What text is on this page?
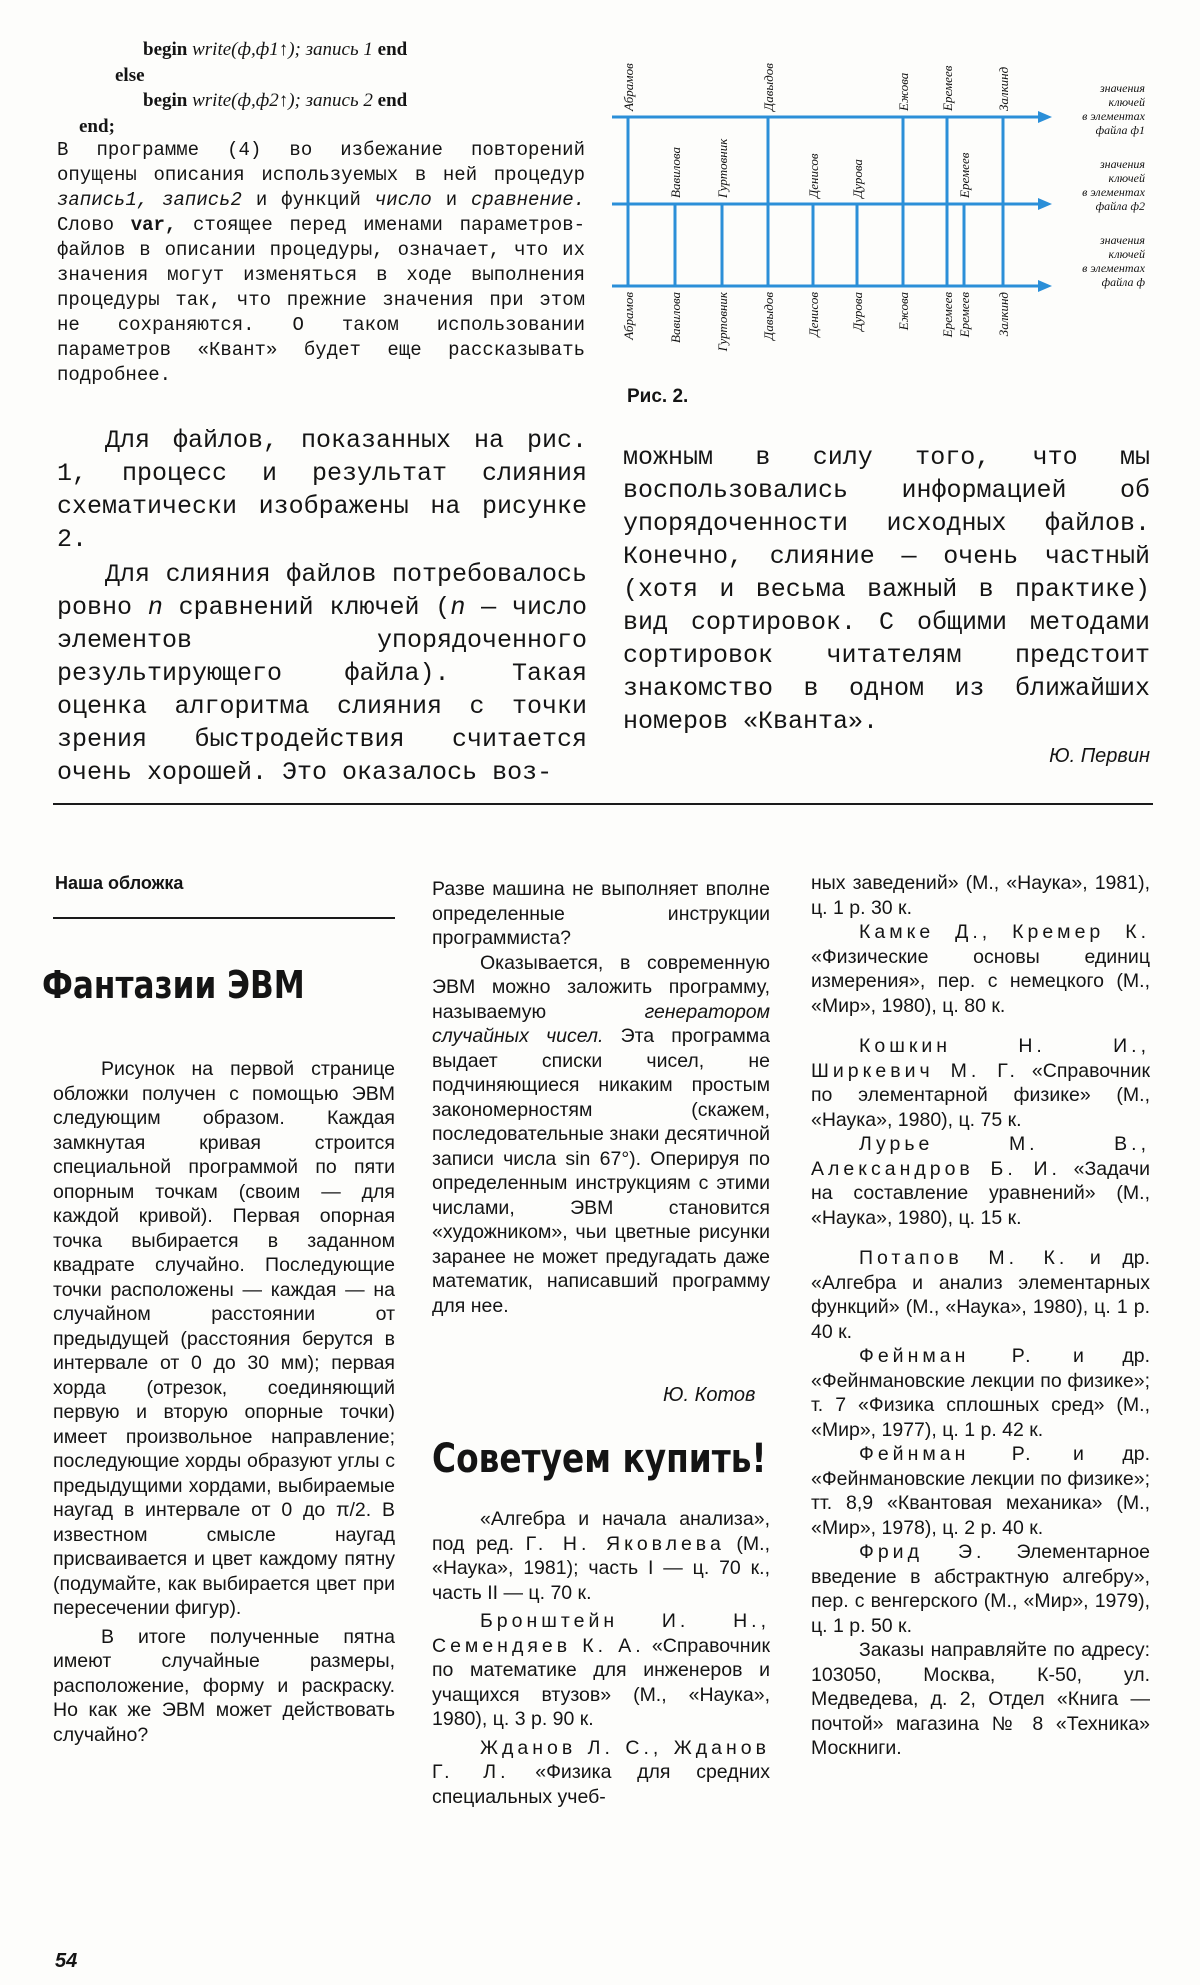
begin write(ф,ф1↑); запись 1 end
else
begin write(ф,ф2↑); запись 2 end
end;
В программе (4) во избежание повторений опущены описания используемых в ней процедур запись1, запись2 и функций число и сравнение. Слово var, стоящее перед именами параметров-файлов в описании процедуры, означает, что их значения могут изменяться в ходе выполнения процедуры так, что прежние значения при этом не сохраняются. О таком использовании параметров «Квант» будет еще рассказывать подробнее.
Для файлов, показанных на рис. 1, процесс и результат слияния схематически изображены на рисунке 2.
Для слияния файлов потребовалось ровно n сравнений ключей (n — число элементов упорядоченного результирующего файла). Такая оценка алгоритма слияния с точки зрения быстродействия считается очень хорошей. Это оказалось воз-
можным в силу того, что мы воспользовались информацией об упорядоченности исходных файлов. Конечно, слияние — очень частный (хотя и весьма важный в практике) вид сортировок. С общими методами сортировок читателям предстоит знакомство в одном из ближайших номеров «Кванта».
Ю. Первин
Абрамов	Давыдов	Ежова Еремеев	Залкинд
Вавилова Гуртовник	Денисов Дурова	Еремеев
Абрамов Вавилова Гуртовник Давыдов Денисов Дурова Ежова Еремеев Еремеев Залкинд
значения
ключей
в элементах
файла ф1
значения
ключей
в элементах
файла ф2
значения
ключей
в элементах
файла ф
Рис. 2.
Наша обложка
Фантазии ЭВМ

Рисунок на первой странице обложки получен с помощью ЭВМ следующим образом. Каждая замкнутая кривая строится специальной программой по пяти опорным точкам (своим — для каждой кривой). Первая опорная точка выбирается в заданном квадрате случайно. Последующие точки расположены — каждая — на случайном расстоянии от предыдущей (расстояния берутся в интервале от 0 до 30 мм); первая хорда (отрезок, соединяющий первую и вторую опорные точки) имеет произвольное направление; последующие хорды образуют углы с предыдущими хордами, выбираемые наугад в интервале от 0 до π/2. В известном смысле наугад присваивается и цвет каждому пятну (подумайте, как выбирается цвет при пересечении фигур).

В итоге полученные пятна имеют случайные размеры, расположение, форму и раскраску. Но как же ЭВМ может действовать случайно?

Разве машина не выполняет вполне определенные инструкции программиста?

Оказывается, в современную ЭВМ можно заложить программу, называемую	генератором случайных чисел. Эта программа выдает списки чисел, не подчиняющиеся никаким простым закономерностям (скажем, последовательные знаки десятичной записи числа sin 67°). Оперируя по определенным инструкциям с этими числами, ЭВМ становится «художником», чьи цветные рисунки заранее не может предугадать даже математик, написавший программу для нее.

Ю. Котов
Советуем купить!

«Алгебра и начала анализа», под ред. Г. Н. Яковлева (М., «Наука», 1981); часть I — ц. 70 к., часть II — ц. 70 к.

Бронштейн И. Н., Семендяев К. А. «Справочник по математике для инженеров и учащихся втузов» (М., «Наука», 1980), ц. 3 р. 90 к.

Жданов Л. С., Жданов Г. Л. «Физика для средних специальных учеб-

ных заведений» (М., «Наука», 1981), ц. 1 р. 30 к.

Камке Д., Кремер К. «Физические основы единиц измерения», пер. с немецкого (М., «Мир», 1980), ц. 80 к.

Кошкин Н. И., Ширкевич М. Г. «Справочник по элементарной физике» (М., «Наука», 1980), ц. 75 к.

Лурье М. В., Александров Б. И. «Задачи на составление уравнений» (М., «Наука», 1980), ц. 15 к.

Потапов М. К. и др. «Алгебра и анализ элементарных функций» (М., «Наука», 1980), ц. 1 р. 40 к.

Фейнман Р. и др. «Фейнмановские лекции по физике»; т. 7 «Физика сплошных сред» (М., «Мир», 1977), ц. 1 р. 42 к.

Фейнман Р. и др. «Фейнмановские лекции по физике»; тт. 8,9 «Квантовая механика» (М., «Мир», 1978), ц. 2 р. 40 к.

Фрид Э. Элементарное введение в абстрактную алгебру», пер. с венгерского (М., «Мир», 1979), ц. 1 р. 50 к.

Заказы направляйте по адресу: 103050, Москва, К-50, ул. Медведева, д. 2, Отдел «Книга — почтой» магазина № 8 «Техника» Москниги.

54
